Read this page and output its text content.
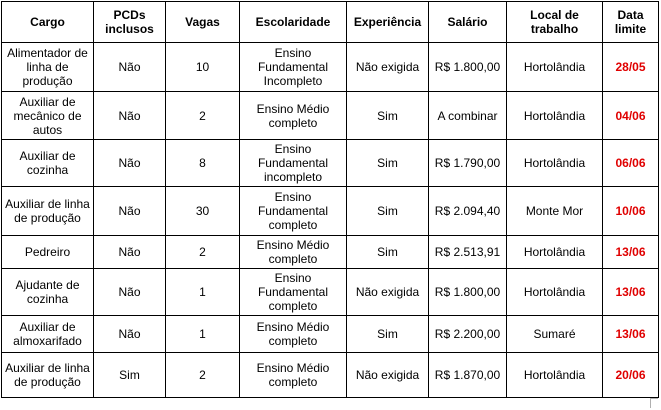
Cargo	PCDs inclusos	Vagas	Escolaridade	Experiência	Salário	Local de trabalho	Data limite
Alimentador de linha de produção	Não	10	Ensino Fundamental Incompleto	Não exigida	R$ 1.800,00	Hortolândia	28/05
Auxiliar de mecânico de autos	Não	2	Ensino Médio completo	Sim	A combinar	Hortolândia	04/06
Auxiliar de cozinha	Não	8	Ensino Fundamental incompleto	Sim	R$ 1.790,00	Hortolândia	06/06
Auxiliar de linha de produção	Não	30	Ensino Fundamental completo	Sim	R$ 2.094,40	Monte Mor	10/06
Pedreiro	Não	2	Ensino Médio completo	Sim	R$ 2.513,91	Hortolândia	13/06
Ajudante de cozinha	Não	1	Ensino Fundamental completo	Não exigida	R$ 1.800,00	Hortolândia	13/06
Auxiliar de almoxarifado	Não	1	Ensino Médio completo	Sim	R$ 2.200,00	Sumaré	13/06
Auxiliar de linha de produção	Sim	2	Ensino Médio completo	Não exigida	R$ 1.870,00	Hortolândia	20/06
